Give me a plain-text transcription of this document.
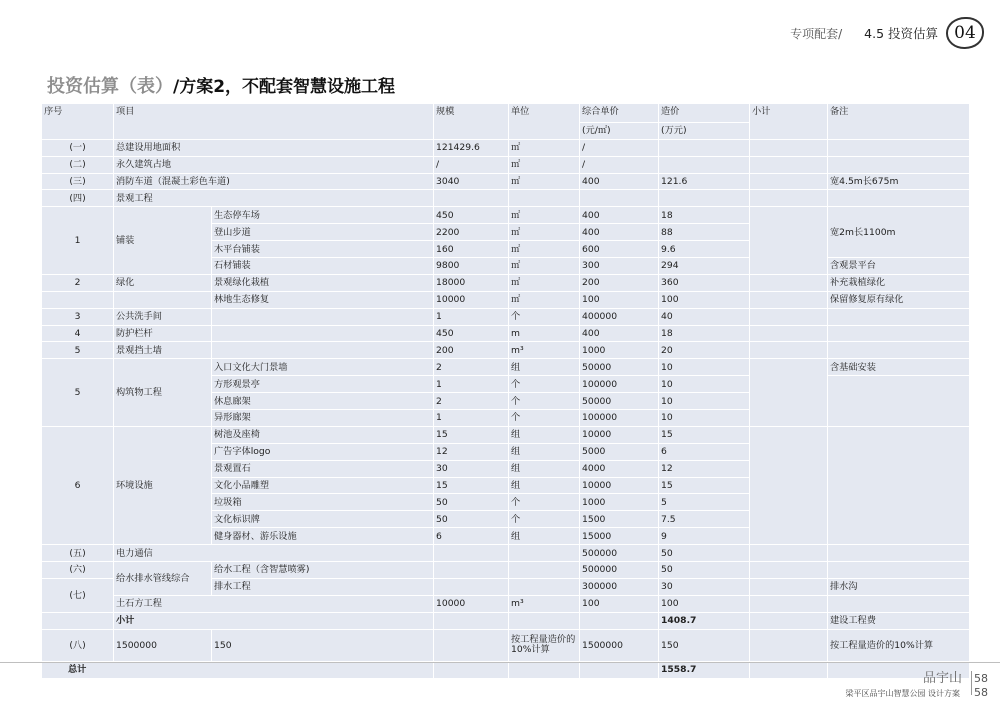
专项配套/ 4.5 投资估算 04
投资估算（表）/方案2，不配套智慧设施工程
序号	项目		规模	单位	综合单价	造价	小计	备注
					(元/㎡)	(万元)		
(一)	总建设用地面积		121429.6	㎡	/			
(二)	永久建筑占地		/	㎡	/			
(三)	消防车道（混凝土彩色车道)		3040	㎡	400	121.6		宽4.5m长675m
(四)	景观工程							
1	铺装	生态停车场	450	㎡	400	18		宽2m长1100m
		登山步道	2200	㎡	400	88		
		木平台铺装	160	㎡	600	9.6		
		石材铺装	9800	㎡	300	294		含观景平台
2	绿化	景观绿化栽植	18000	㎡	200	360		补充栽植绿化
		林地生态修复	10000	㎡	100	100		保留修复原有绿化
3	公共洗手间		1	个	400000	40		
4	防护栏杆		450	m	400	18		
5	景观挡土墙		200	m³	1000	20		
5	构筑物工程	入口文化大门景墙	2	组	50000	10		含基础安装
		方形观景亭	1	个	100000	10		
		休息廊架	2	个	50000	10		
		异形廊架	1	个	100000	10		
6	环境设施	树池及座椅	15	组	10000	15		
		广告字体logo	12	组	5000	6		
		景观置石	30	组	4000	12		
		文化小品雕塑	15	组	10000	15		
		垃圾箱	50	个	1000	5		
		文化标识牌	50	个	1500	7.5		
		健身器材、游乐设施	6	组	15000	9		
(五)	电力通信				500000	50		
(六)	给水排水管线综合	给水工程（含智慧喷雾)			500000	50		
(七)		排水工程			300000	30		排水沟
	土石方工程		10000	m³	100	100		
	小计					1408.7		建设工程费
(八)	1500000	150		按工程量造价的10%计算	1500000	150		按工程量造价的10%计算
总计						1558.7		
品宇山 58
梁平区品宇山智慧公园 设计方案 58
